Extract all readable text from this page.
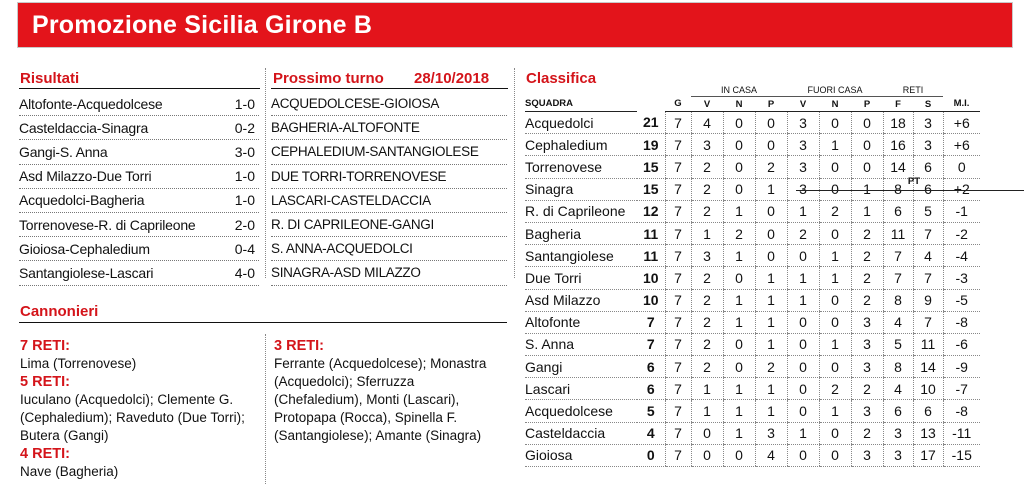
Promozione Sicilia Girone B
Risultati
Altofonte-Acquedolcese	1-0
Casteldaccia-Sinagra	0-2
Gangi-S. Anna	3-0
Asd Milazzo-Due Torri	1-0
Acquedolci-Bagheria	1-0
Torrenovese-R. di Caprileone	2-0
Gioiosa-Cephaledium	0-4
Santangiolese-Lascari	4-0
Prossimo turno 28/10/2018
ACQUEDOLCESE-GIOIOSA
BAGHERIA-ALTOFONTE
CEPHALEDIUM-SANTANGIOLESE
DUE TORRI-TORRENOVESE
LASCARI-CASTELDACCIA
R. DI CAPRILEONE-GANGI
S. ANNA-ACQUEDOLCI
SINAGRA-ASD MILAZZO
Cannonieri
7 RETI:
Lima (Torrenovese)
5 RETI:
Iuculano (Acquedolci); Clemente G. (Cephaledium); Raveduto (Due Torri); Butera (Gangi)
4 RETI:
Nave (Bagheria)
3 RETI:
Ferrante (Acquedolcese); Monastra (Acquedolci); Sferruzza (Chefaledium), Monti (Lascari), Protopapa (Rocca), Spinella F. (Santangiolese); Amante (Sinagra)
Classifica
			IN CASA			FUORI CASA			RETI		
SQUADRA	
PT
G	V	N	P	V	N	P	F	S	M.I.
Acquedolci	21	7	4	0	0	3	0	0	18	3	+6
Cephaledium	19	7	3	0	0	3	1	0	16	3	+6
Torrenovese	15	7	2	0	2	3	0	0	14	6	0
Sinagra	15	7	2	0	1	3	0	1	8	6	+2
R. di Caprileone	12	7	2	1	0	1	2	1	6	5	-1
Bagheria	11	7	1	2	0	2	0	2	11	7	-2
Santangiolese	11	7	3	1	0	0	1	2	7	4	-4
Due Torri	10	7	2	0	1	1	1	2	7	7	-3
Asd Milazzo	10	7	2	1	1	1	0	2	8	9	-5
Altofonte	7	7	2	1	1	0	0	3	4	7	-8
S. Anna	7	7	2	0	1	0	1	3	5	11	-6
Gangi	6	7	2	0	2	0	0	3	8	14	-9
Lascari	6	7	1	1	1	0	2	2	4	10	-7
Acquedolcese	5	7	1	1	1	0	1	3	6	6	-8
Casteldaccia	4	7	0	1	3	1	0	2	3	13	-11
Gioiosa	0	7	0	0	4	0	0	3	3	17	-15
